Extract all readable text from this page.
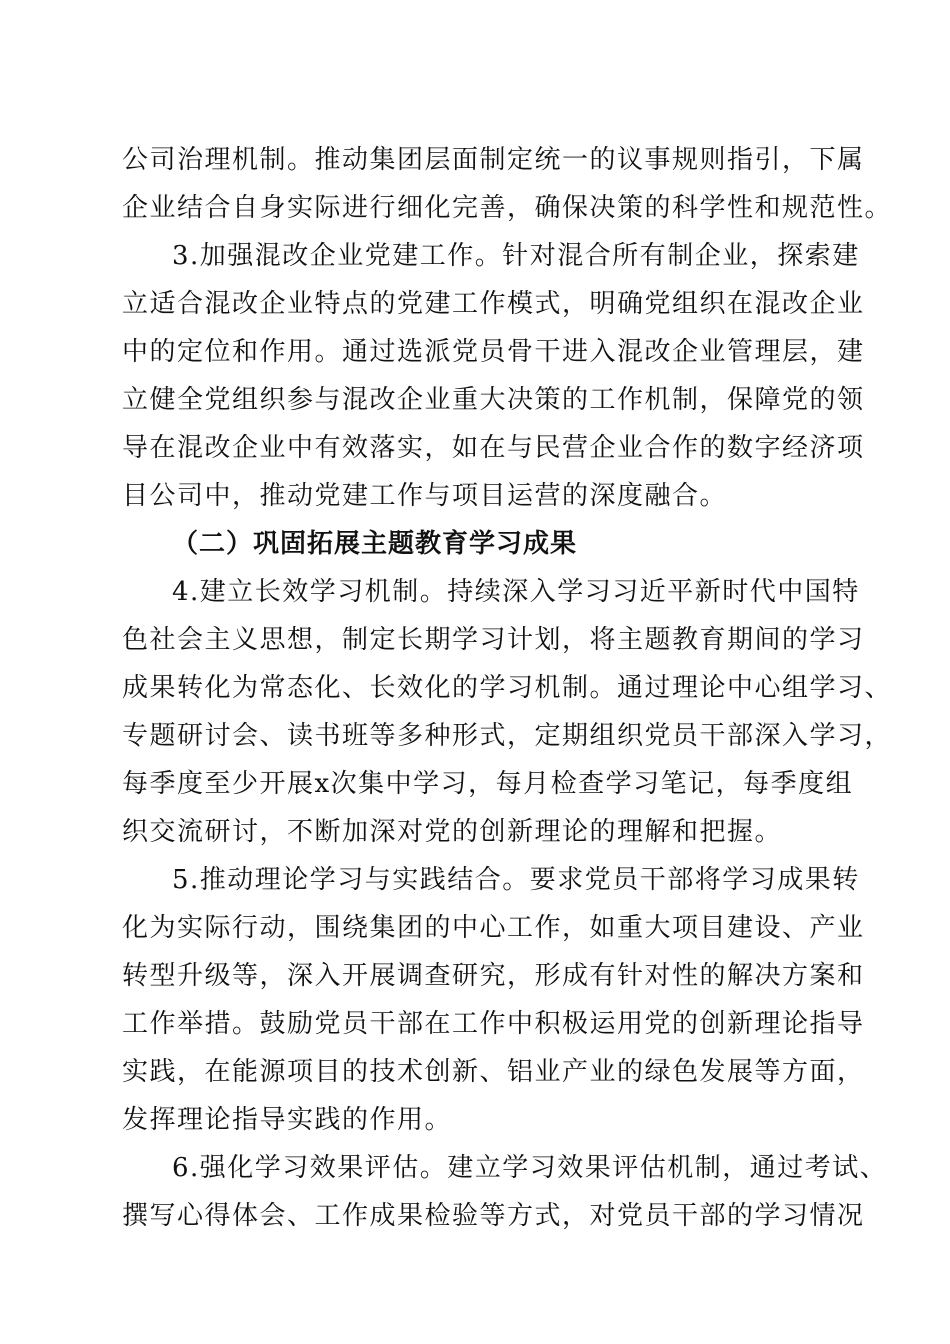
公司治理机制。推动集团层面制定统一的议事规则指引，下属
企业结合自身实际进行细化完善，确保决策的科学性和规范性。
3.加强混改企业党建工作。针对混合所有制企业，探索建
立适合混改企业特点的党建工作模式，明确党组织在混改企业
中的定位和作用。通过选派党员骨干进入混改企业管理层，建
立健全党组织参与混改企业重大决策的工作机制，保障党的领
导在混改企业中有效落实，如在与民营企业合作的数字经济项
目公司中，推动党建工作与项目运营的深度融合。
（二）巩固拓展主题教育学习成果
4.建立长效学习机制。持续深入学习习近平新时代中国特
色社会主义思想，制定长期学习计划，将主题教育期间的学习
成果转化为常态化、长效化的学习机制。通过理论中心组学习、
专题研讨会、读书班等多种形式，定期组织党员干部深入学习，
每季度至少开展x次集中学习，每月检查学习笔记，每季度组
织交流研讨，不断加深对党的创新理论的理解和把握。
5.推动理论学习与实践结合。要求党员干部将学习成果转
化为实际行动，围绕集团的中心工作，如重大项目建设、产业
转型升级等，深入开展调查研究，形成有针对性的解决方案和
工作举措。鼓励党员干部在工作中积极运用党的创新理论指导
实践，在能源项目的技术创新、铝业产业的绿色发展等方面，
发挥理论指导实践的作用。
6.强化学习效果评估。建立学习效果评估机制，通过考试、
撰写心得体会、工作成果检验等方式，对党员干部的学习情况
